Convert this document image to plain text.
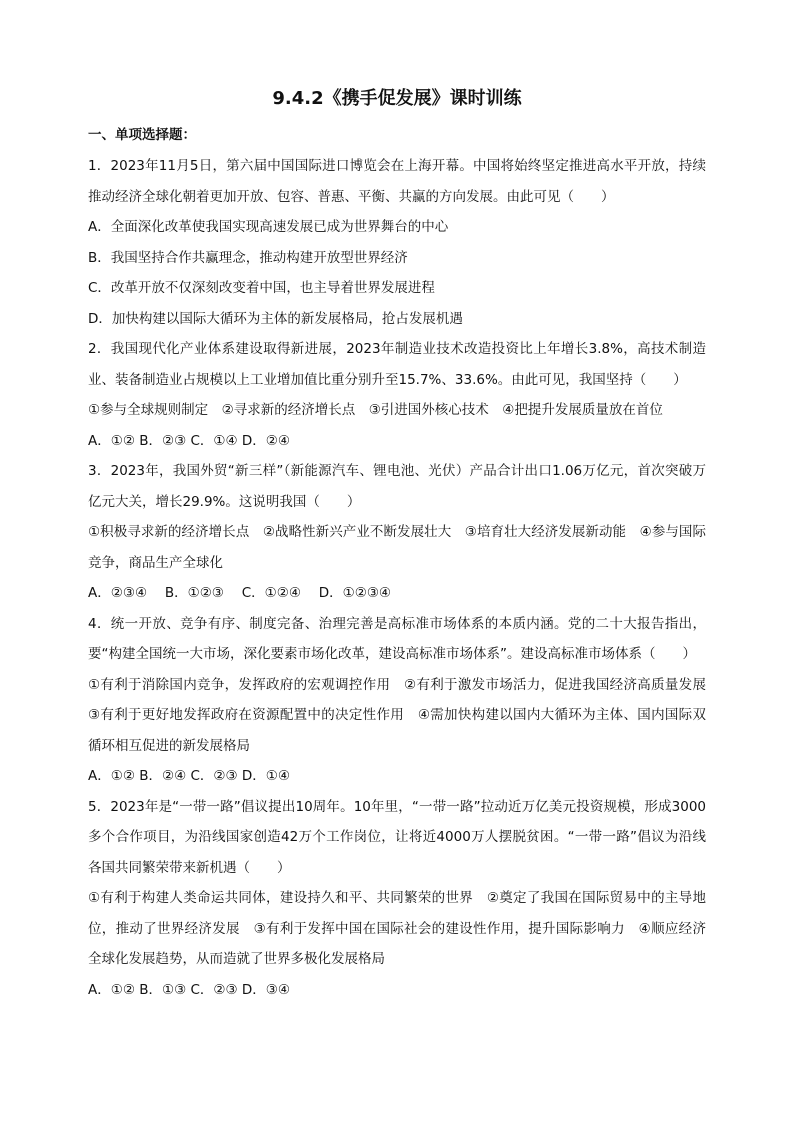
9.4.2《携手促发展》课时训练

一、单项选择题：

1．2023年11月5日，第六届中国国际进口博览会在上海开幕。中国将始终坚定推进高水平开放，持续推动经济全球化朝着更加开放、包容、普惠、平衡、共赢的方向发展。由此可见（　　）

A．全面深化改革使我国实现高速发展已成为世界舞台的中心

B．我国坚持合作共赢理念，推动构建开放型世界经济

C．改革开放不仅深刻改变着中国，也主导着世界发展进程

D．加快构建以国际大循环为主体的新发展格局，抢占发展机遇

2．我国现代化产业体系建设取得新进展，2023年制造业技术改造投资比上年增长3.8%，高技术制造业、装备制造业占规模以上工业增加值比重分别升至15.7%、33.6%。由此可见，我国坚持（　　）

①参与全球规则制定　②寻求新的经济增长点　③引进国外核心技术　④把提升发展质量放在首位

A．①② B．②③ C．①④ D．②④

3．2023年，我国外贸“新三样”（新能源汽车、锂电池、光伏）产品合计出口1.06万亿元，首次突破万亿元大关，增长29.9%。这说明我国（　　）

①积极寻求新的经济增长点　②战略性新兴产业不断发展壮大　③培育壮大经济发展新动能　④参与国际竞争，商品生产全球化

A．②③④　 B．①②③　 C．①②④　 D．①②③④

4．统一开放、竞争有序、制度完备、治理完善是高标准市场体系的本质内涵。党的二十大报告指出，要“构建全国统一大市场，深化要素市场化改革，建设高标准市场体系”。建设高标准市场体系（　　）

①有利于消除国内竞争，发挥政府的宏观调控作用　②有利于激发市场活力，促进我国经济高质量发展　③有利于更好地发挥政府在资源配置中的决定性作用　④需加快构建以国内大循环为主体、国内国际双循环相互促进的新发展格局

A．①② B．②④ C．②③ D．①④

5．2023年是“一带一路”倡议提出10周年。10年里，“一带一路”拉动近万亿美元投资规模，形成3000多个合作项目，为沿线国家创造42万个工作岗位，让将近4000万人摆脱贫困。“一带一路”倡议为沿线各国共同繁荣带来新机遇（　　）

①有利于构建人类命运共同体，建设持久和平、共同繁荣的世界　②奠定了我国在国际贸易中的主导地位，推动了世界经济发展　③有利于发挥中国在国际社会的建设性作用，提升国际影响力　④顺应经济全球化发展趋势，从而造就了世界多极化发展格局

A．①② B．①③ C．②③ D．③④
